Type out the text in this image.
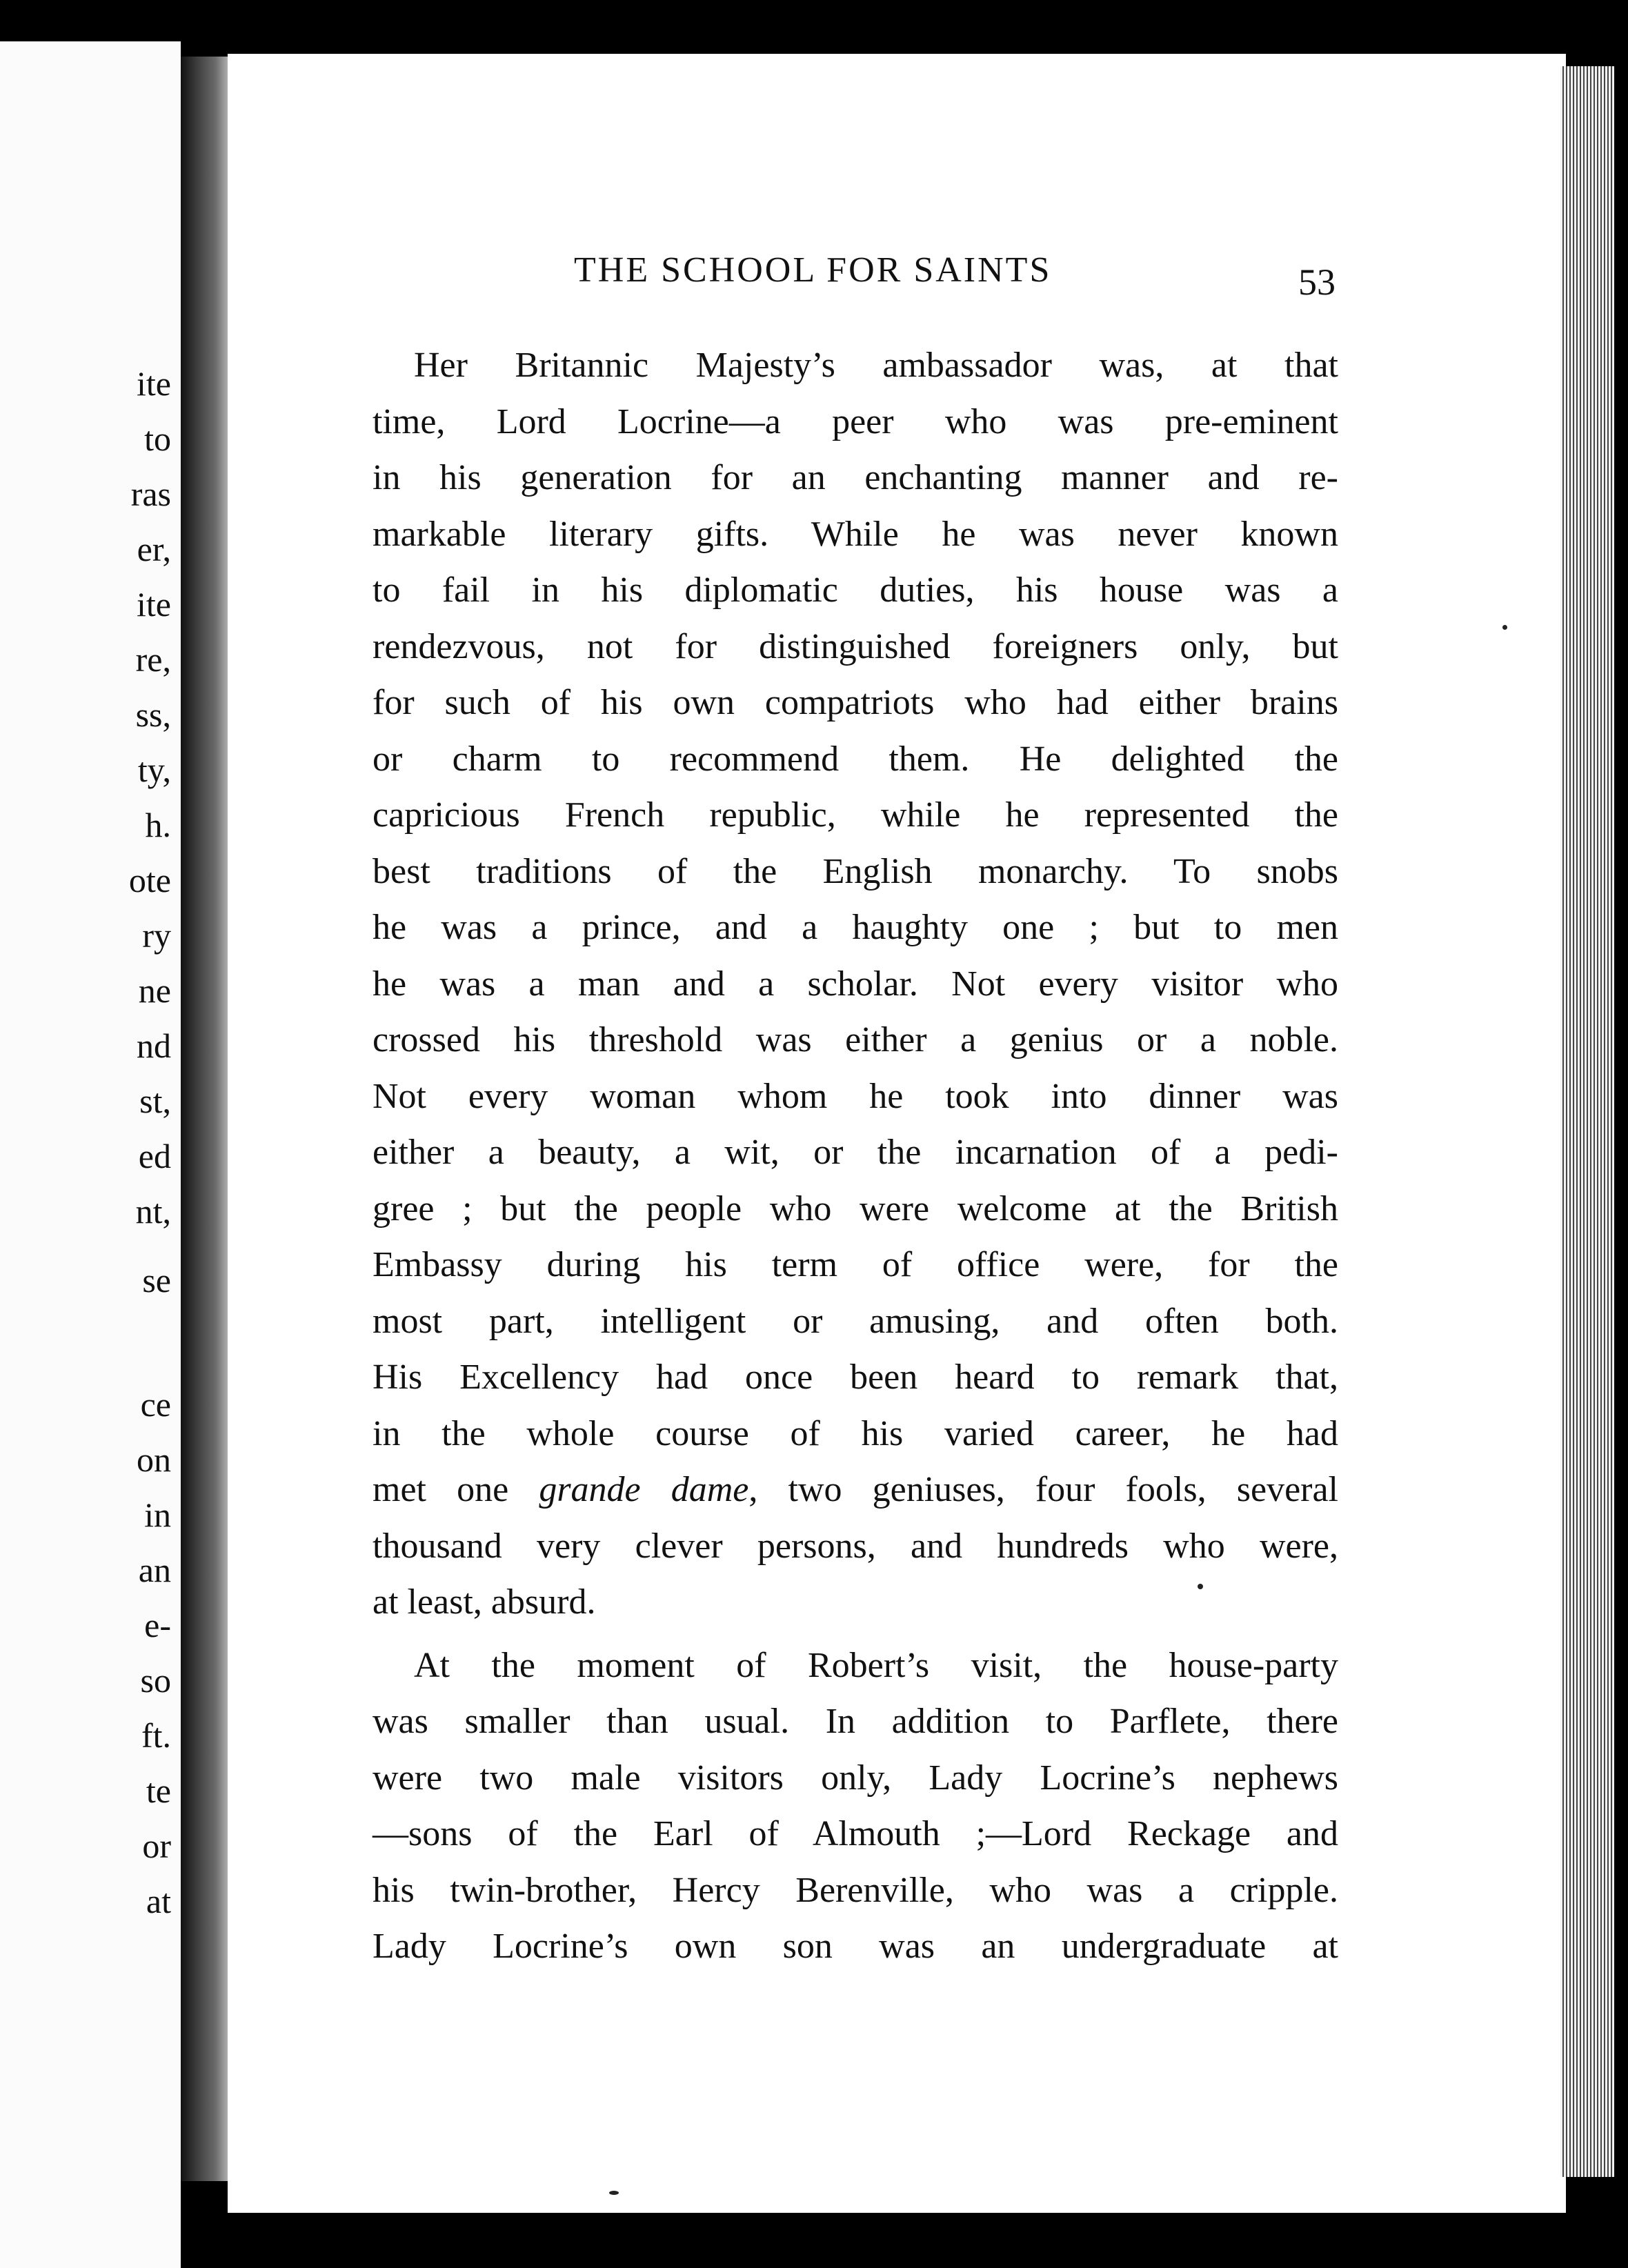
ite
to
ras
er,
ite
re,
ss,
ty,
h.
ote
ry
ne
nd
st,
ed
nt,
se
ce
on
in
an
e-
so
ft.
te
or
at
THE SCHOOL FOR SAINTS	53
Her Britannic Majesty’s ambassador was, at that
time, Lord Locrine—a peer who was pre-eminent
in his generation for an enchanting manner and re-
markable literary gifts. While he was never known
to fail in his diplomatic duties, his house was a
rendezvous, not for distinguished foreigners only, but
for such of his own compatriots who had either brains
or charm to recommend them. He delighted the
capricious French republic, while he represented the
best traditions of the English monarchy. To snobs
he was a prince, and a haughty one ; but to men
he was a man and a scholar. Not every visitor who
crossed his threshold was either a genius or a noble.
Not every woman whom he took into dinner was
either a beauty, a wit, or the incarnation of a pedi-
gree ; but the people who were welcome at the British
Embassy during his term of office were, for the
most part, intelligent or amusing, and often both.
His Excellency had once been heard to remark that,
in the whole course of his varied career, he had
met one grande dame, two geniuses, four fools, several
thousand very clever persons, and hundreds who were,
at least, absurd.
At the moment of Robert’s visit, the house-party
was smaller than usual. In addition to Parflete, there
were two male visitors only, Lady Locrine’s nephews
—sons of the Earl of Almouth ;—Lord Reckage and
his twin-brother, Hercy Berenville, who was a cripple.
Lady Locrine’s own son was an undergraduate at
